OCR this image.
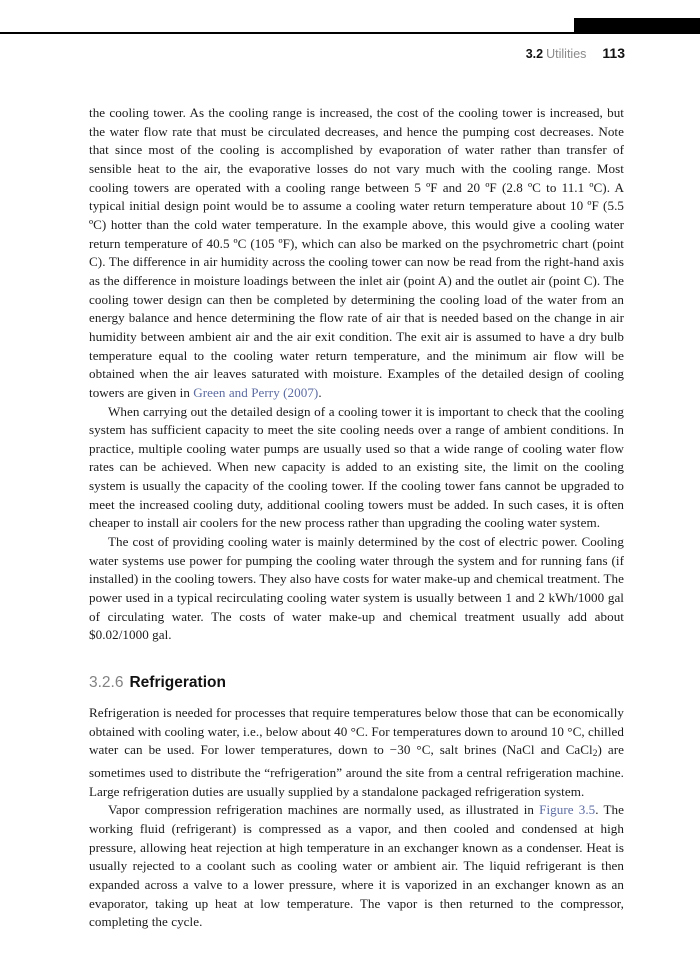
3.2 Utilities 113

the cooling tower. As the cooling range is increased, the cost of the cooling tower is increased, but the water flow rate that must be circulated decreases, and hence the pumping cost decreases. Note that since most of the cooling is accomplished by evaporation of water rather than transfer of sensible heat to the air, the evaporative losses do not vary much with the cooling range. Most cooling towers are operated with a cooling range between 5 ºF and 20 ºF (2.8 ºC to 11.1 ºC). A typical initial design point would be to assume a cooling water return temperature about 10 ºF (5.5 ºC) hotter than the cold water temperature. In the example above, this would give a cooling water return temperature of 40.5 ºC (105 ºF), which can also be marked on the psychrometric chart (point C). The difference in air humidity across the cooling tower can now be read from the right-hand axis as the difference in moisture loadings between the inlet air (point A) and the outlet air (point C). The cooling tower design can then be completed by determining the cooling load of the water from an energy balance and hence determining the flow rate of air that is needed based on the change in air humidity between ambient air and the air exit condition. The exit air is assumed to have a dry bulb temperature equal to the cooling water return temperature, and the minimum air flow will be obtained when the air leaves saturated with moisture. Examples of the detailed design of cooling towers are given in Green and Perry (2007).

When carrying out the detailed design of a cooling tower it is important to check that the cooling system has sufficient capacity to meet the site cooling needs over a range of ambient conditions. In practice, multiple cooling water pumps are usually used so that a wide range of cooling water flow rates can be achieved. When new capacity is added to an existing site, the limit on the cooling system is usually the capacity of the cooling tower. If the cooling tower fans cannot be upgraded to meet the increased cooling duty, additional cooling towers must be added. In such cases, it is often cheaper to install air coolers for the new process rather than upgrading the cooling water system.

The cost of providing cooling water is mainly determined by the cost of electric power. Cooling water systems use power for pumping the cooling water through the system and for running fans (if installed) in the cooling towers. They also have costs for water make-up and chemical treatment. The power used in a typical recirculating cooling water system is usually between 1 and 2 kWh/1000 gal of circulating water. The costs of water make-up and chemical treatment usually add about $0.02/1000 gal.

3.2.6 Refrigeration

Refrigeration is needed for processes that require temperatures below those that can be economically obtained with cooling water, i.e., below about 40 °C. For temperatures down to around 10 °C, chilled water can be used. For lower temperatures, down to −30 °C, salt brines (NaCl and CaCl$_2$) are sometimes used to distribute the “refrigeration” around the site from a central refrigeration machine. Large refrigeration duties are usually supplied by a standalone packaged refrigeration system.

Vapor compression refrigeration machines are normally used, as illustrated in Figure 3.5. The working fluid (refrigerant) is compressed as a vapor, and then cooled and condensed at high pressure, allowing heat rejection at high temperature in an exchanger known as a condenser. Heat is usually rejected to a coolant such as cooling water or ambient air. The liquid refrigerant is then expanded across a valve to a lower pressure, where it is vaporized in an exchanger known as an evaporator, taking up heat at low temperature. The vapor is then returned to the compressor, completing the cycle.
